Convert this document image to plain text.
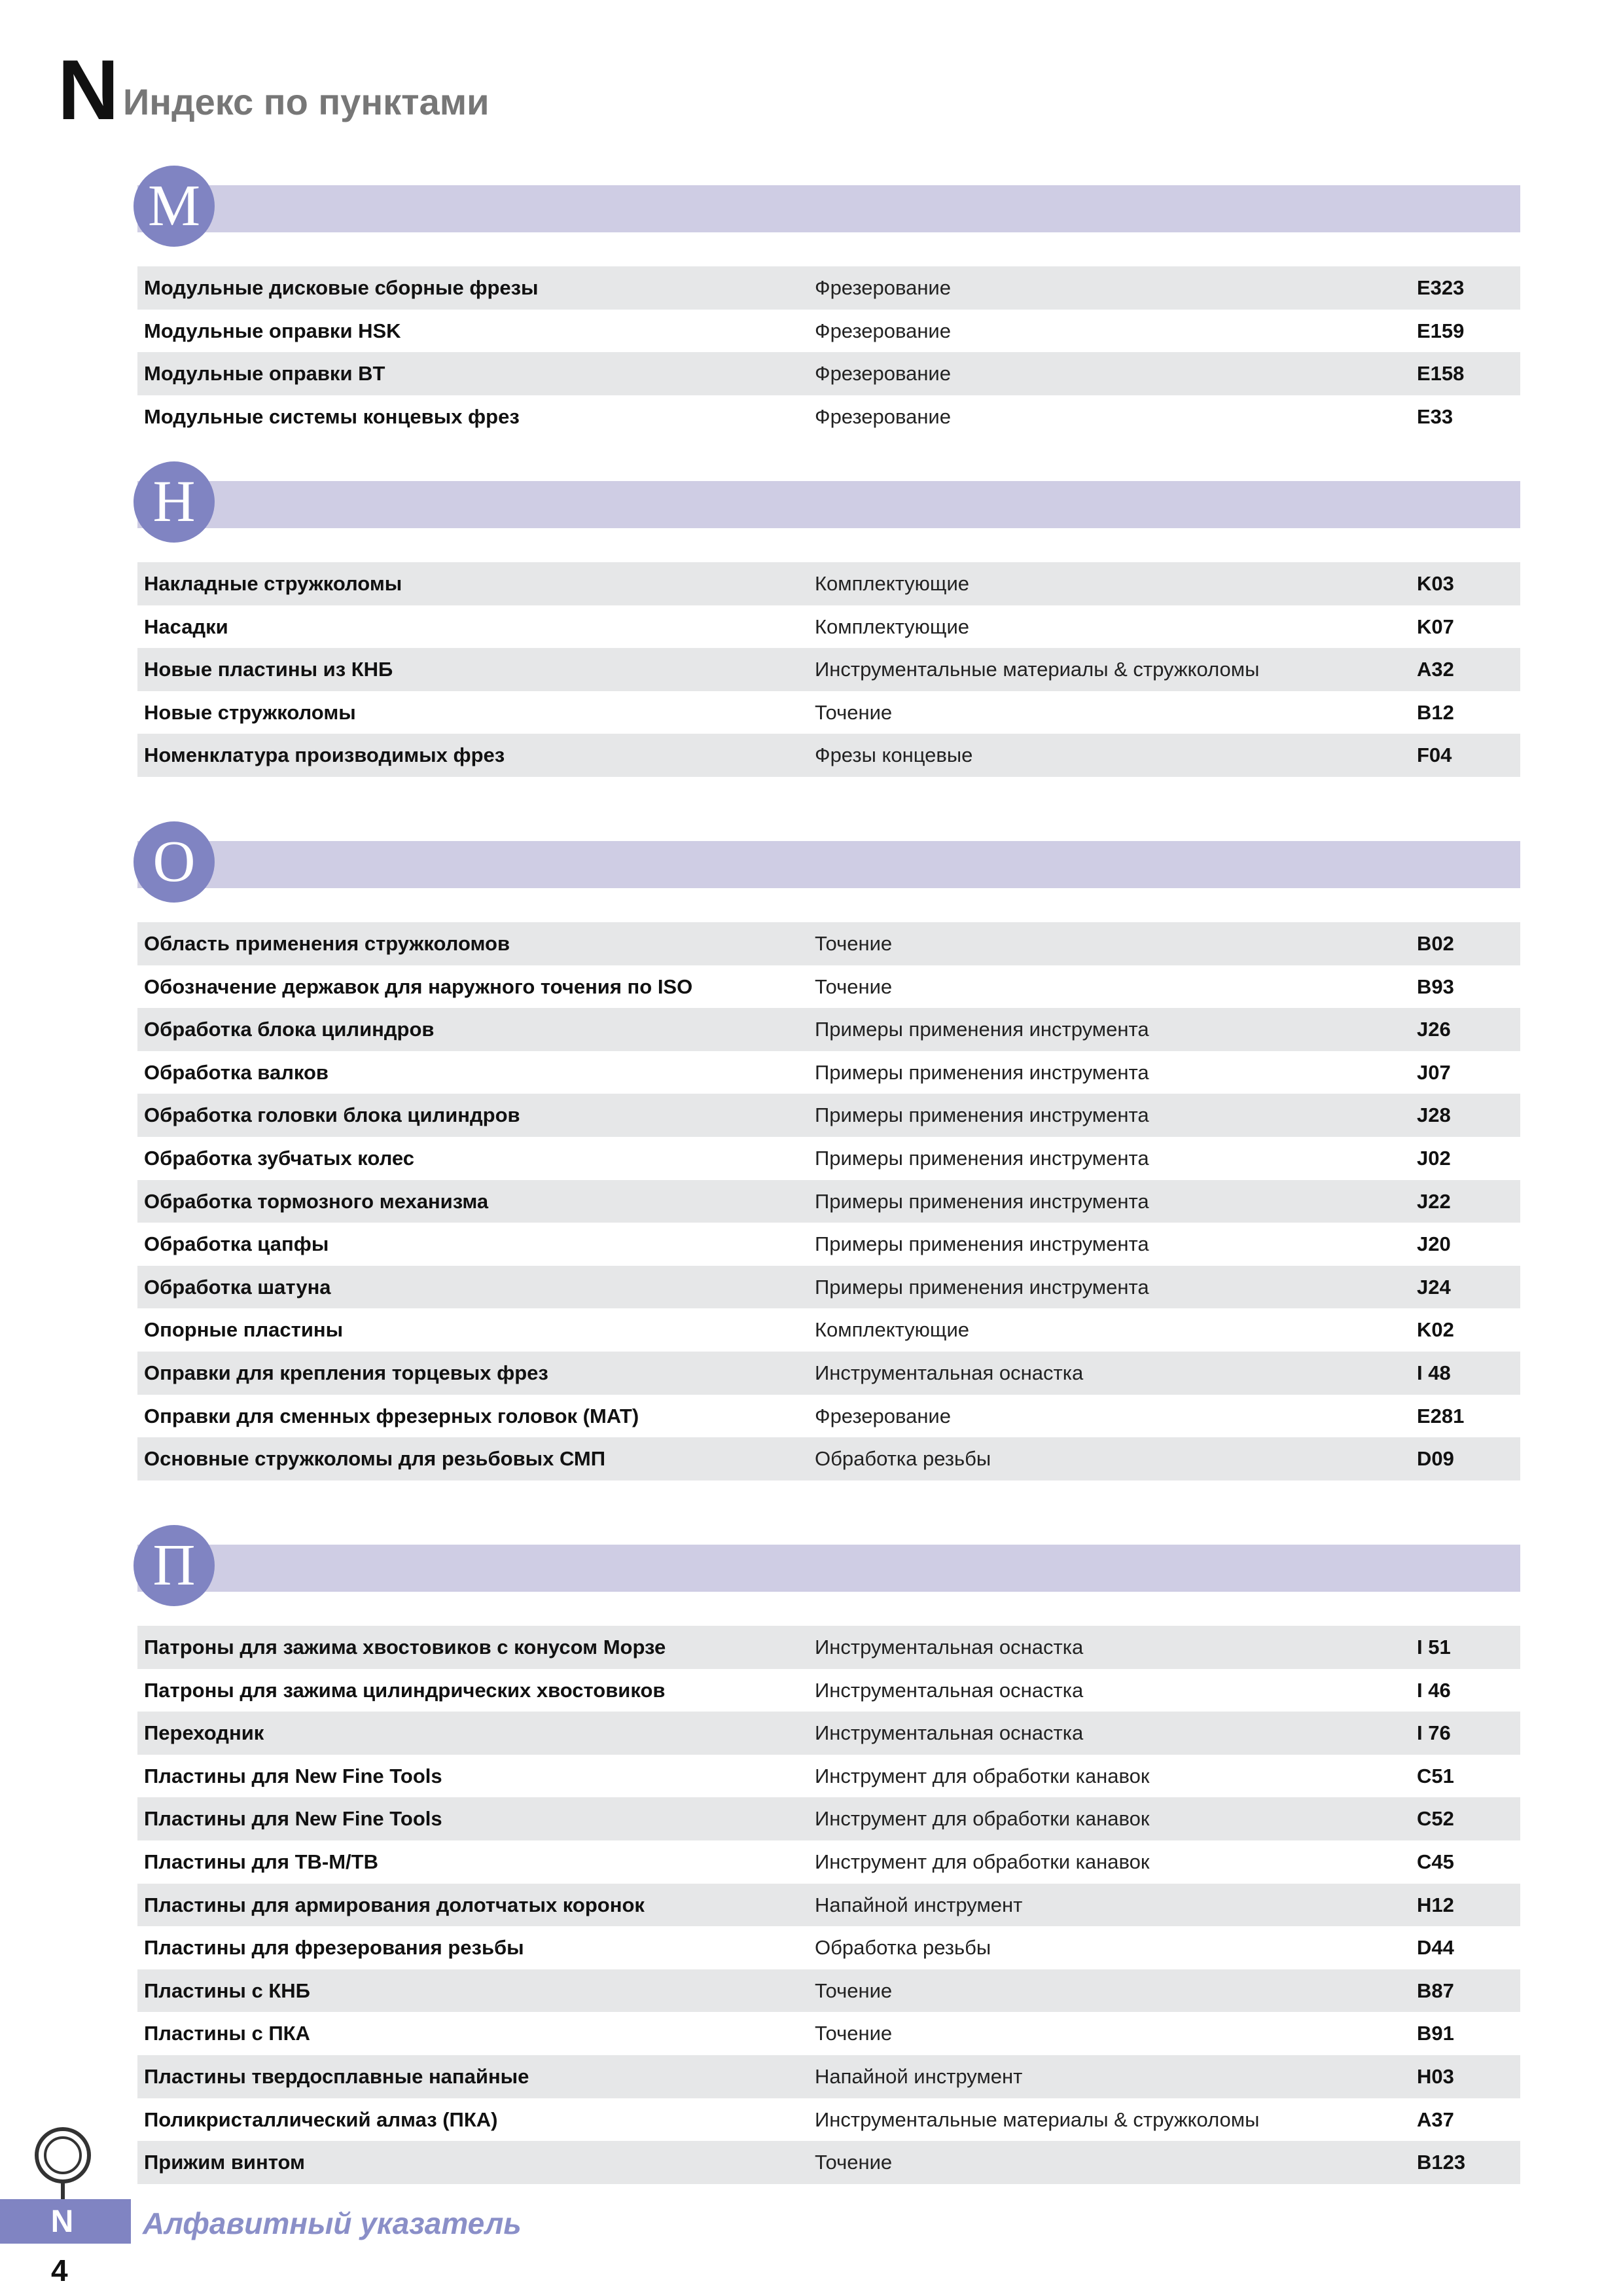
N Индекс по пунктами
М
Модульные дисковые сборные фрезы	Фрезерование	E323
Модульные оправки HSK	Фрезерование	E159
Модульные оправки BT	Фрезерование	E158
Модульные системы концевых фрез	Фрезерование	E33
Н
Накладные стружколомы	Комплектующие	K03
Насадки	Комплектующие	K07
Новые пластины из КНБ	Инструментальные материалы & стружколомы	A32
Новые стружколомы	Точение	B12
Номенклатура производимых фрез	Фрезы концевые	F04
О
Область применения стружколомов	Точение	B02
Обозначение державок для наружного точения по ISO	Точение	B93
Обработка блока цилиндров	Примеры применения инструмента	J26
Обработка валков	Примеры применения инструмента	J07
Обработка головки блока цилиндров	Примеры применения инструмента	J28
Обработка зубчатых колес	Примеры применения инструмента	J02
Обработка тормозного механизма	Примеры применения инструмента	J22
Обработка цапфы	Примеры применения инструмента	J20
Обработка шатуна	Примеры применения инструмента	J24
Опорные пластины	Комплектующие	K02
Оправки для крепления торцевых фрез	Инструментальная оснастка	I 48
Оправки для сменных фрезерных головок (MAT)	Фрезерование	E281
Основные стружколомы для резьбовых СМП	Обработка резьбы	D09
П
Патроны для зажима хвостовиков с конусом Морзе	Инструментальная оснастка	I 51
Патроны для зажима цилиндрических хвостовиков	Инструментальная оснастка	I 46
Переходник	Инструментальная оснастка	I 76
Пластины для New Fine Tools	Инструмент для обработки канавок	C51
Пластины для New Fine Tools	Инструмент для обработки канавок	C52
Пластины для ТВ-М/ТВ	Инструмент для обработки канавок	C45
Пластины для армирования долотчатых коронок	Напайной инструмент	H12
Пластины для фрезерования резьбы	Обработка резьбы	D44
Пластины с КНБ	Точение	B87
Пластины с ПКА	Точение	B91
Пластины твердосплавные напайные	Напайной инструмент	H03
Поликристаллический алмаз (ПКА)	Инструментальные материалы & стружколомы	A37
Прижим винтом	Точение	B123
N	Алфавитный указатель
4
